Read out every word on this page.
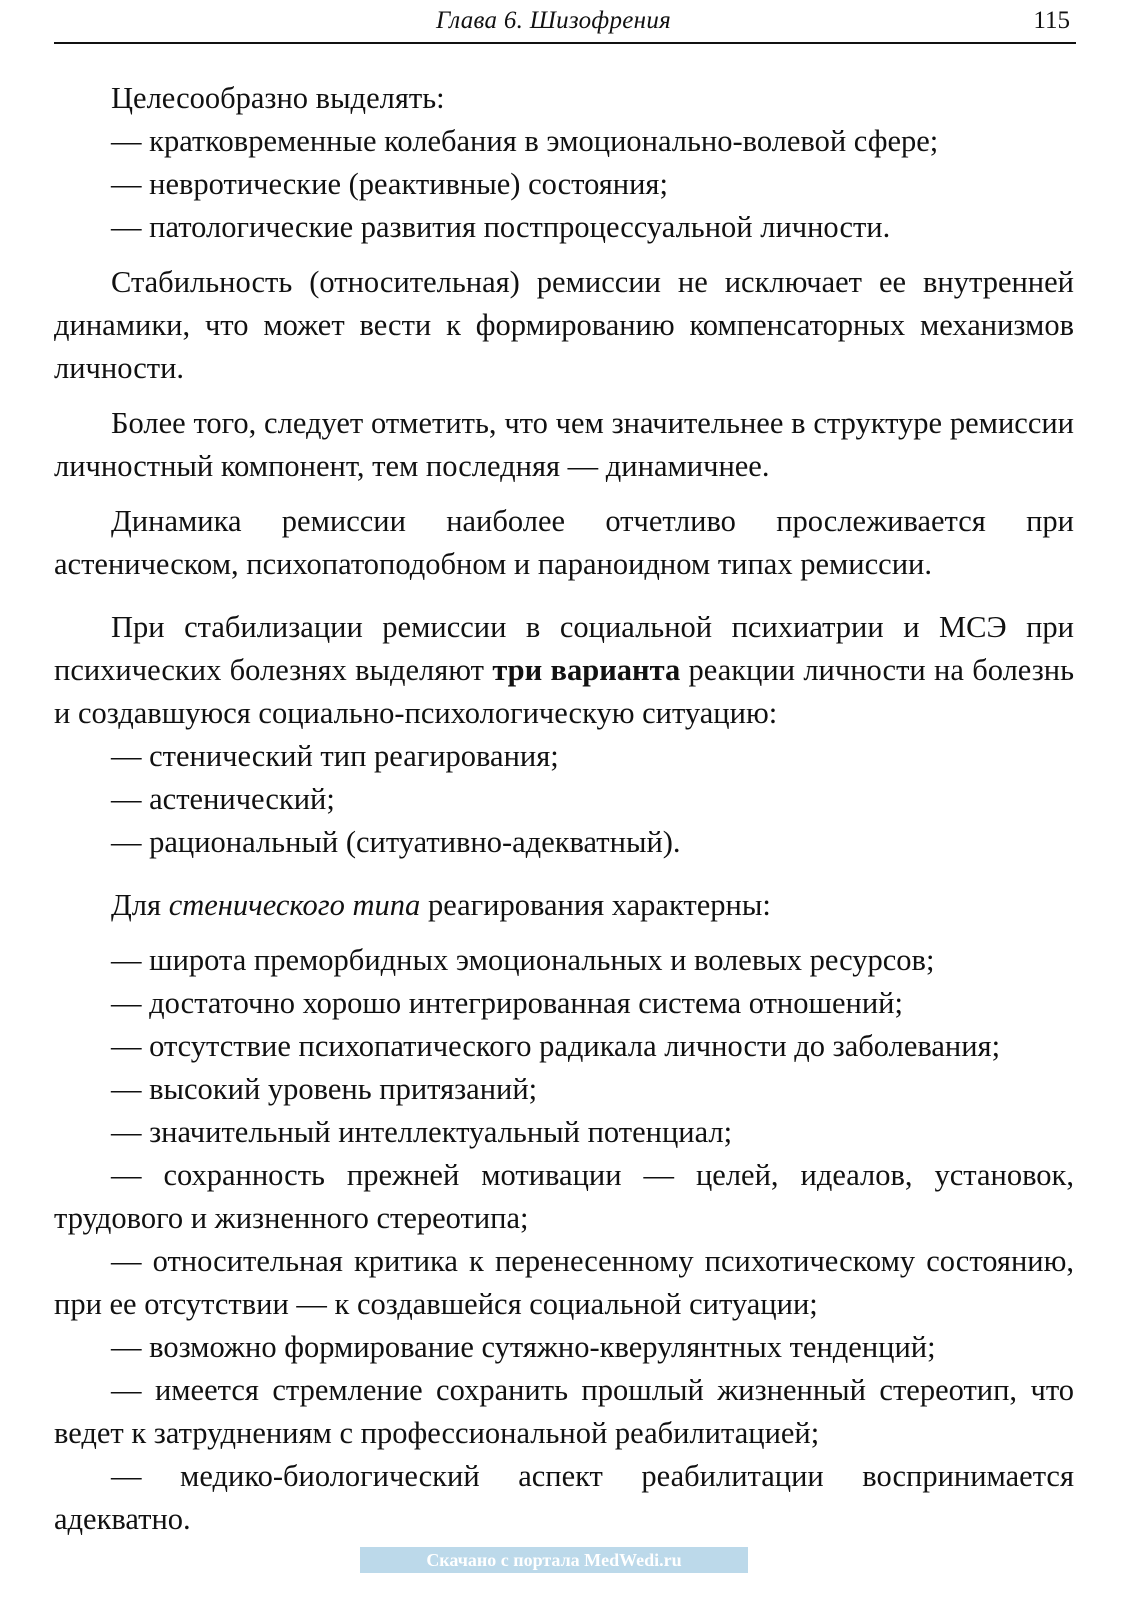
Глава 6. Шизофрения	115

Целесообразно выделять:

— кратковременные колебания в эмоционально-волевой сфере;

— невротические (реактивные) состояния;

— патологические развития постпроцессуальной личности.

Стабильность (относительная) ремиссии не исключает ее внутренней динамики, что может вести к формированию компенсаторных механизмов личности.

Более того, следует отметить, что чем значительнее в структуре ремиссии личностный компонент, тем последняя — динамичнее.

Динамика ремиссии наиболее отчетливо прослеживается при астеническом, психопатоподобном и параноидном типах ремиссии.

При стабилизации ремиссии в социальной психиатрии и МСЭ при психических болезнях выделяют три варианта реакции личности на болезнь и создавшуюся социально-психологическую ситуацию:

— стенический тип реагирования;

— астенический;

— рациональный (ситуативно-адекватный).

Для стенического типа реагирования характерны:

— широта преморбидных эмоциональных и волевых ресурсов;

— достаточно хорошо интегрированная система отношений;

— отсутствие психопатического радикала личности до заболевания;

— высокий уровень притязаний;

— значительный интеллектуальный потенциал;

— сохранность прежней мотивации — целей, идеалов, установок, трудового и жизненного стереотипа;

— относительная критика к перенесенному психотическому состоянию, при ее отсутствии — к создавшейся социальной ситуации;

— возможно формирование сутяжно-кверулянтных тенденций;

— имеется стремление сохранить прошлый жизненный стереотип, что ведет к затруднениям с профессиональной реабилитацией;

— медико-биологический аспект реабилитации воспринимается адекватно.

Скачано с портала MedWedi.ru
